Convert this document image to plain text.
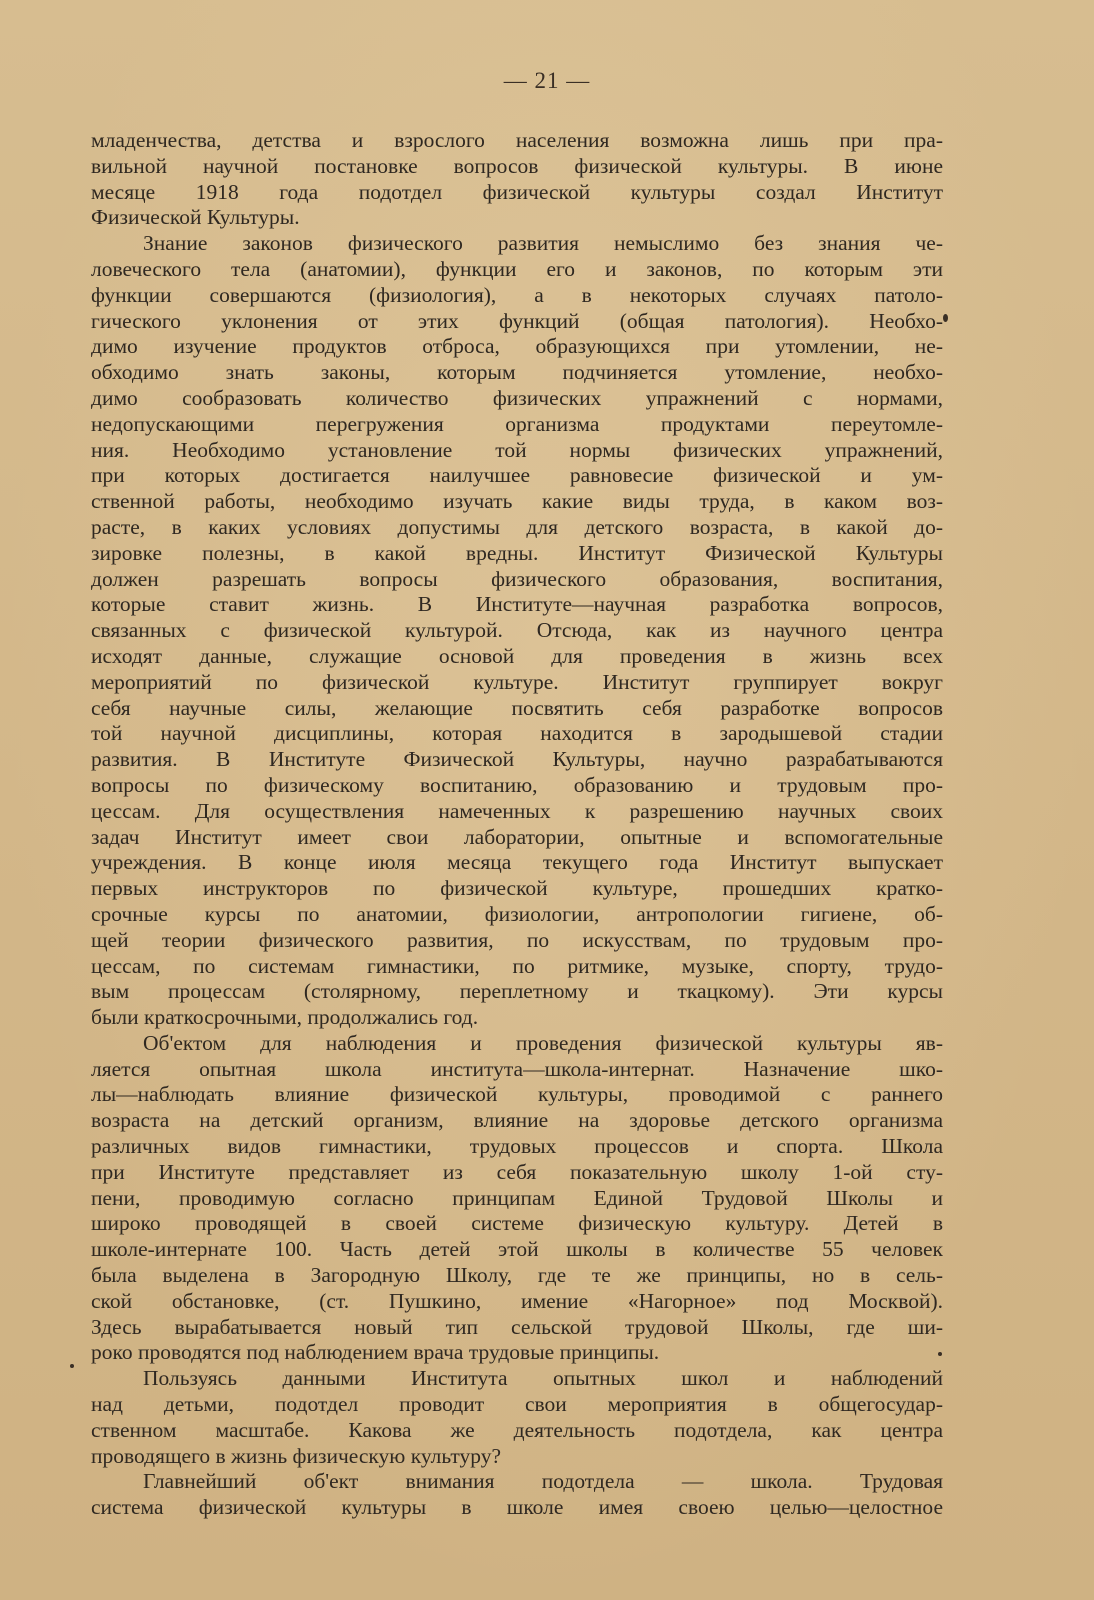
— 21 —
младенчества, детства и взрослого населения возможна лишь при пра-
вильной научной постановке вопросов физической культуры. В июне
месяце 1918 года подотдел физической культуры создал Институт
Физической Культуры.
Знание законов физического развития немыслимо без знания че-
ловеческого тела (анатомии), функции его и законов, по которым эти
функции совершаются (физиология), а в некоторых случаях патоло-
гического уклонения от этих функций (общая патология). Необхо-
димо изучение продуктов отброса, образующихся при утомлении, не-
обходимо знать законы, которым подчиняется утомление, необхо-
димо сообразовать количество физических упражнений с нормами,
недопускающими перегружения организма продуктами переутомле-
ния. Необходимо установление той нормы физических упражнений,
при которых достигается наилучшее равновесие физической и ум-
ственной работы, необходимо изучать какие виды труда, в каком воз-
расте, в каких условиях допустимы для детского возраста, в какой до-
зировке полезны, в какой вредны. Институт Физической Культуры
должен разрешать вопросы физического образования, воспитания,
которые ставит жизнь. В Институте—научная разработка вопросов,
связанных с физической культурой. Отсюда, как из научного центра
исходят данные, служащие основой для проведения в жизнь всех
мероприятий по физической культуре. Институт группирует вокруг
себя научные силы, желающие посвятить себя разработке вопросов
той научной дисциплины, которая находится в зародышевой стадии
развития. В Институте Физической Культуры, научно разрабатываются
вопросы по физическому воспитанию, образованию и трудовым про-
цессам. Для осуществления намеченных к разрешению научных своих
задач Институт имеет свои лаборатории, опытные и вспомогательные
учреждения. В конце июля месяца текущего года Институт выпускает
первых инструкторов по физической культуре, прошедших кратко-
срочные курсы по анатомии, физиологии, антропологии гигиене, об-
щей теории физического развития, по искусствам, по трудовым про-
цессам, по системам гимнастики, по ритмике, музыке, спорту, трудо-
вым процессам (столярному, переплетному и ткацкому). Эти курсы
были краткосрочными, продолжались год.
Об'ектом для наблюдения и проведения физической культуры яв-
ляется опытная школа института—школа-интернат. Назначение шко-
лы—наблюдать влияние физической культуры, проводимой с раннего
возраста на детский организм, влияние на здоровье детского организма
различных видов гимнастики, трудовых процессов и спорта. Школа
при Институте представляет из себя показательную школу 1-ой сту-
пени, проводимую согласно принципам Единой Трудовой Школы и
широко проводящей в своей системе физическую культуру. Детей в
школе-интернате 100. Часть детей этой школы в количестве 55 человек
была выделена в Загородную Школу, где те же принципы, но в сель-
ской обстановке, (ст. Пушкино, имение «Нагорное» под Москвой).
Здесь вырабатывается новый тип сельской трудовой Школы, где ши-
роко проводятся под наблюдением врача трудовые принципы.
Пользуясь данными Института опытных школ и наблюдений
над детьми, подотдел проводит свои мероприятия в общегосудар-
ственном масштабе. Какова же деятельность подотдела, как центра
проводящего в жизнь физическую культуру?
Главнейший об'ект внимания подотдела — школа. Трудовая
система физической культуры в школе имея своею целью—целостное
